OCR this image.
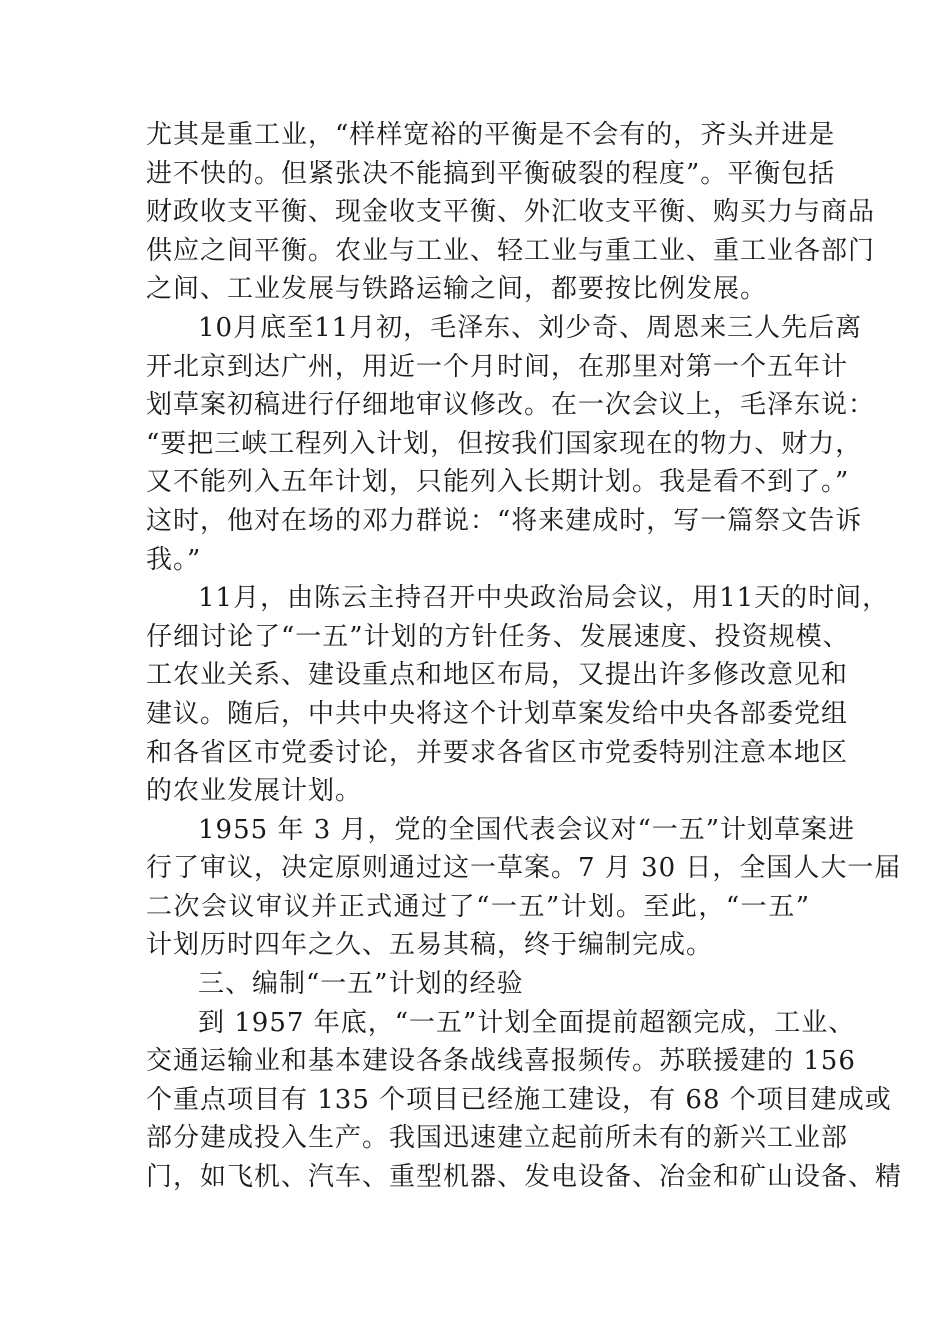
尤其是重工业，“样样宽裕的平衡是不会有的，齐头并进是
进不快的。但紧张决不能搞到平衡破裂的程度”。平衡包括
财政收支平衡、现金收支平衡、外汇收支平衡、购买力与商品
供应之间平衡。农业与工业、轻工业与重工业、重工业各部门
之间、工业发展与铁路运输之间，都要按比例发展。
10月底至11月初，毛泽东、刘少奇、周恩来三人先后离
开北京到达广州，用近一个月时间，在那里对第一个五年计
划草案初稿进行仔细地审议修改。在一次会议上，毛泽东说：
“要把三峡工程列入计划，但按我们国家现在的物力、财力，
又不能列入五年计划，只能列入长期计划。我是看不到了。”
这时，他对在场的邓力群说：“将来建成时，写一篇祭文告诉
我。”
11月，由陈云主持召开中央政治局会议，用11天的时间，
仔细讨论了“一五”计划的方针任务、发展速度、投资规模、
工农业关系、建设重点和地区布局，又提出许多修改意见和
建议。随后，中共中央将这个计划草案发给中央各部委党组
和各省区市党委讨论，并要求各省区市党委特别注意本地区
的农业发展计划。
1955 年 3 月，党的全国代表会议对“一五”计划草案进
行了审议，决定原则通过这一草案。7 月 30 日，全国人大一届
二次会议审议并正式通过了“一五”计划。至此，“一五”
计划历时四年之久、五易其稿，终于编制完成。
三、编制“一五”计划的经验
到 1957 年底，“一五”计划全面提前超额完成，工业、
交通运输业和基本建设各条战线喜报频传。苏联援建的 156
个重点项目有 135 个项目已经施工建设，有 68 个项目建成或
部分建成投入生产。我国迅速建立起前所未有的新兴工业部
门，如飞机、汽车、重型机器、发电设备、冶金和矿山设备、精
